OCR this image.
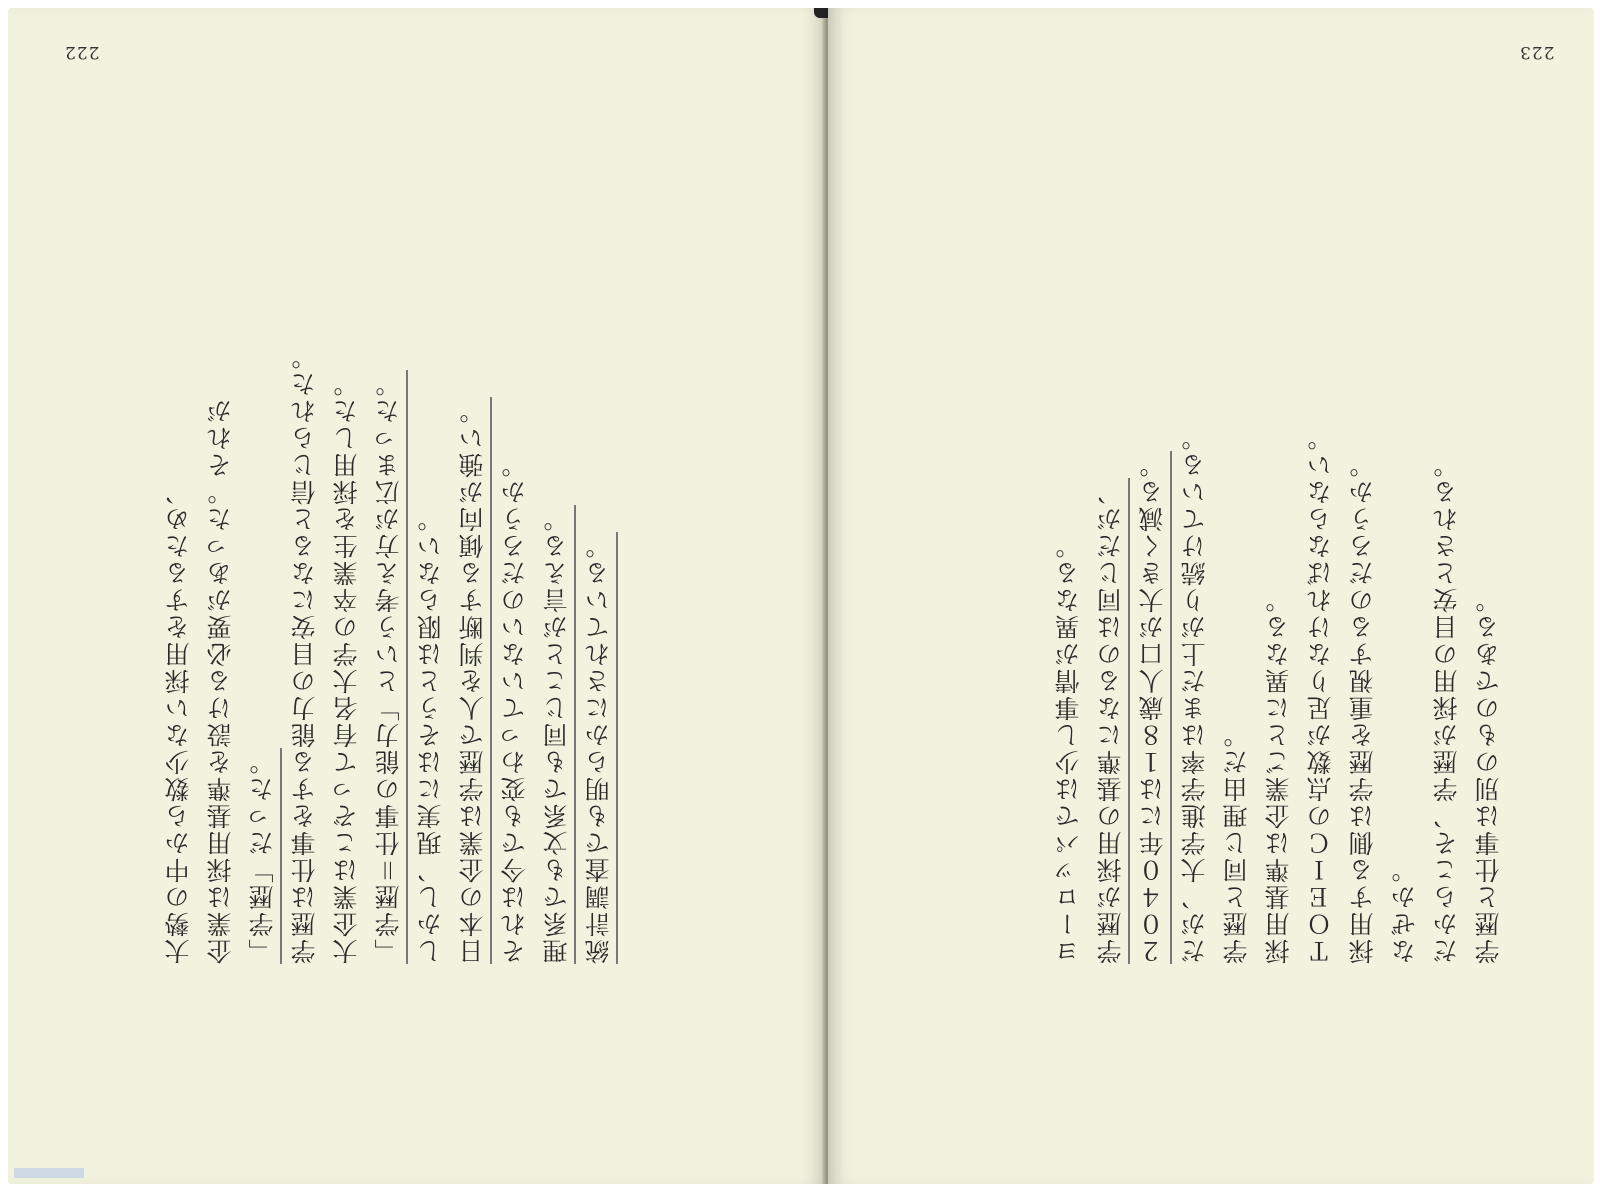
222
大勢の中から数少ない採用をするため、 企業は採用基準を設ける必要があった。それが 「学歴」だった。 学歴は仕事をする能力の目安になると信じられた。 大企業はこぞって有名大学の卒業生を採用した。 「学歴＝仕事の能力」という考え方が広まった。 しかし、現実にはそうとは限らない。 日本の企業は学歴で人を判断する傾向が強い。 それは今でも変わっていないのだろうか。 理系でも文系でも同じことが言える。 統計調査でも明らかにされている。
223
ヨーロッパでは少し事情が異なる。 学歴が採用の基準になるのは同じだが、 ２０４０年には１８歳人口が大きく減る。 だが、大学進学率はまだ上がり続けている。 学歴と同じ理由だ。 採用基準は企業ごとに異なる。 ＴＯＥＩＣの点数が足りなければならない。 採用する側は学歴を重視するのだろうか。 なぜか。 だからこそ、学歴が採用の目安とされる。 学歴と仕事は別のものである。
